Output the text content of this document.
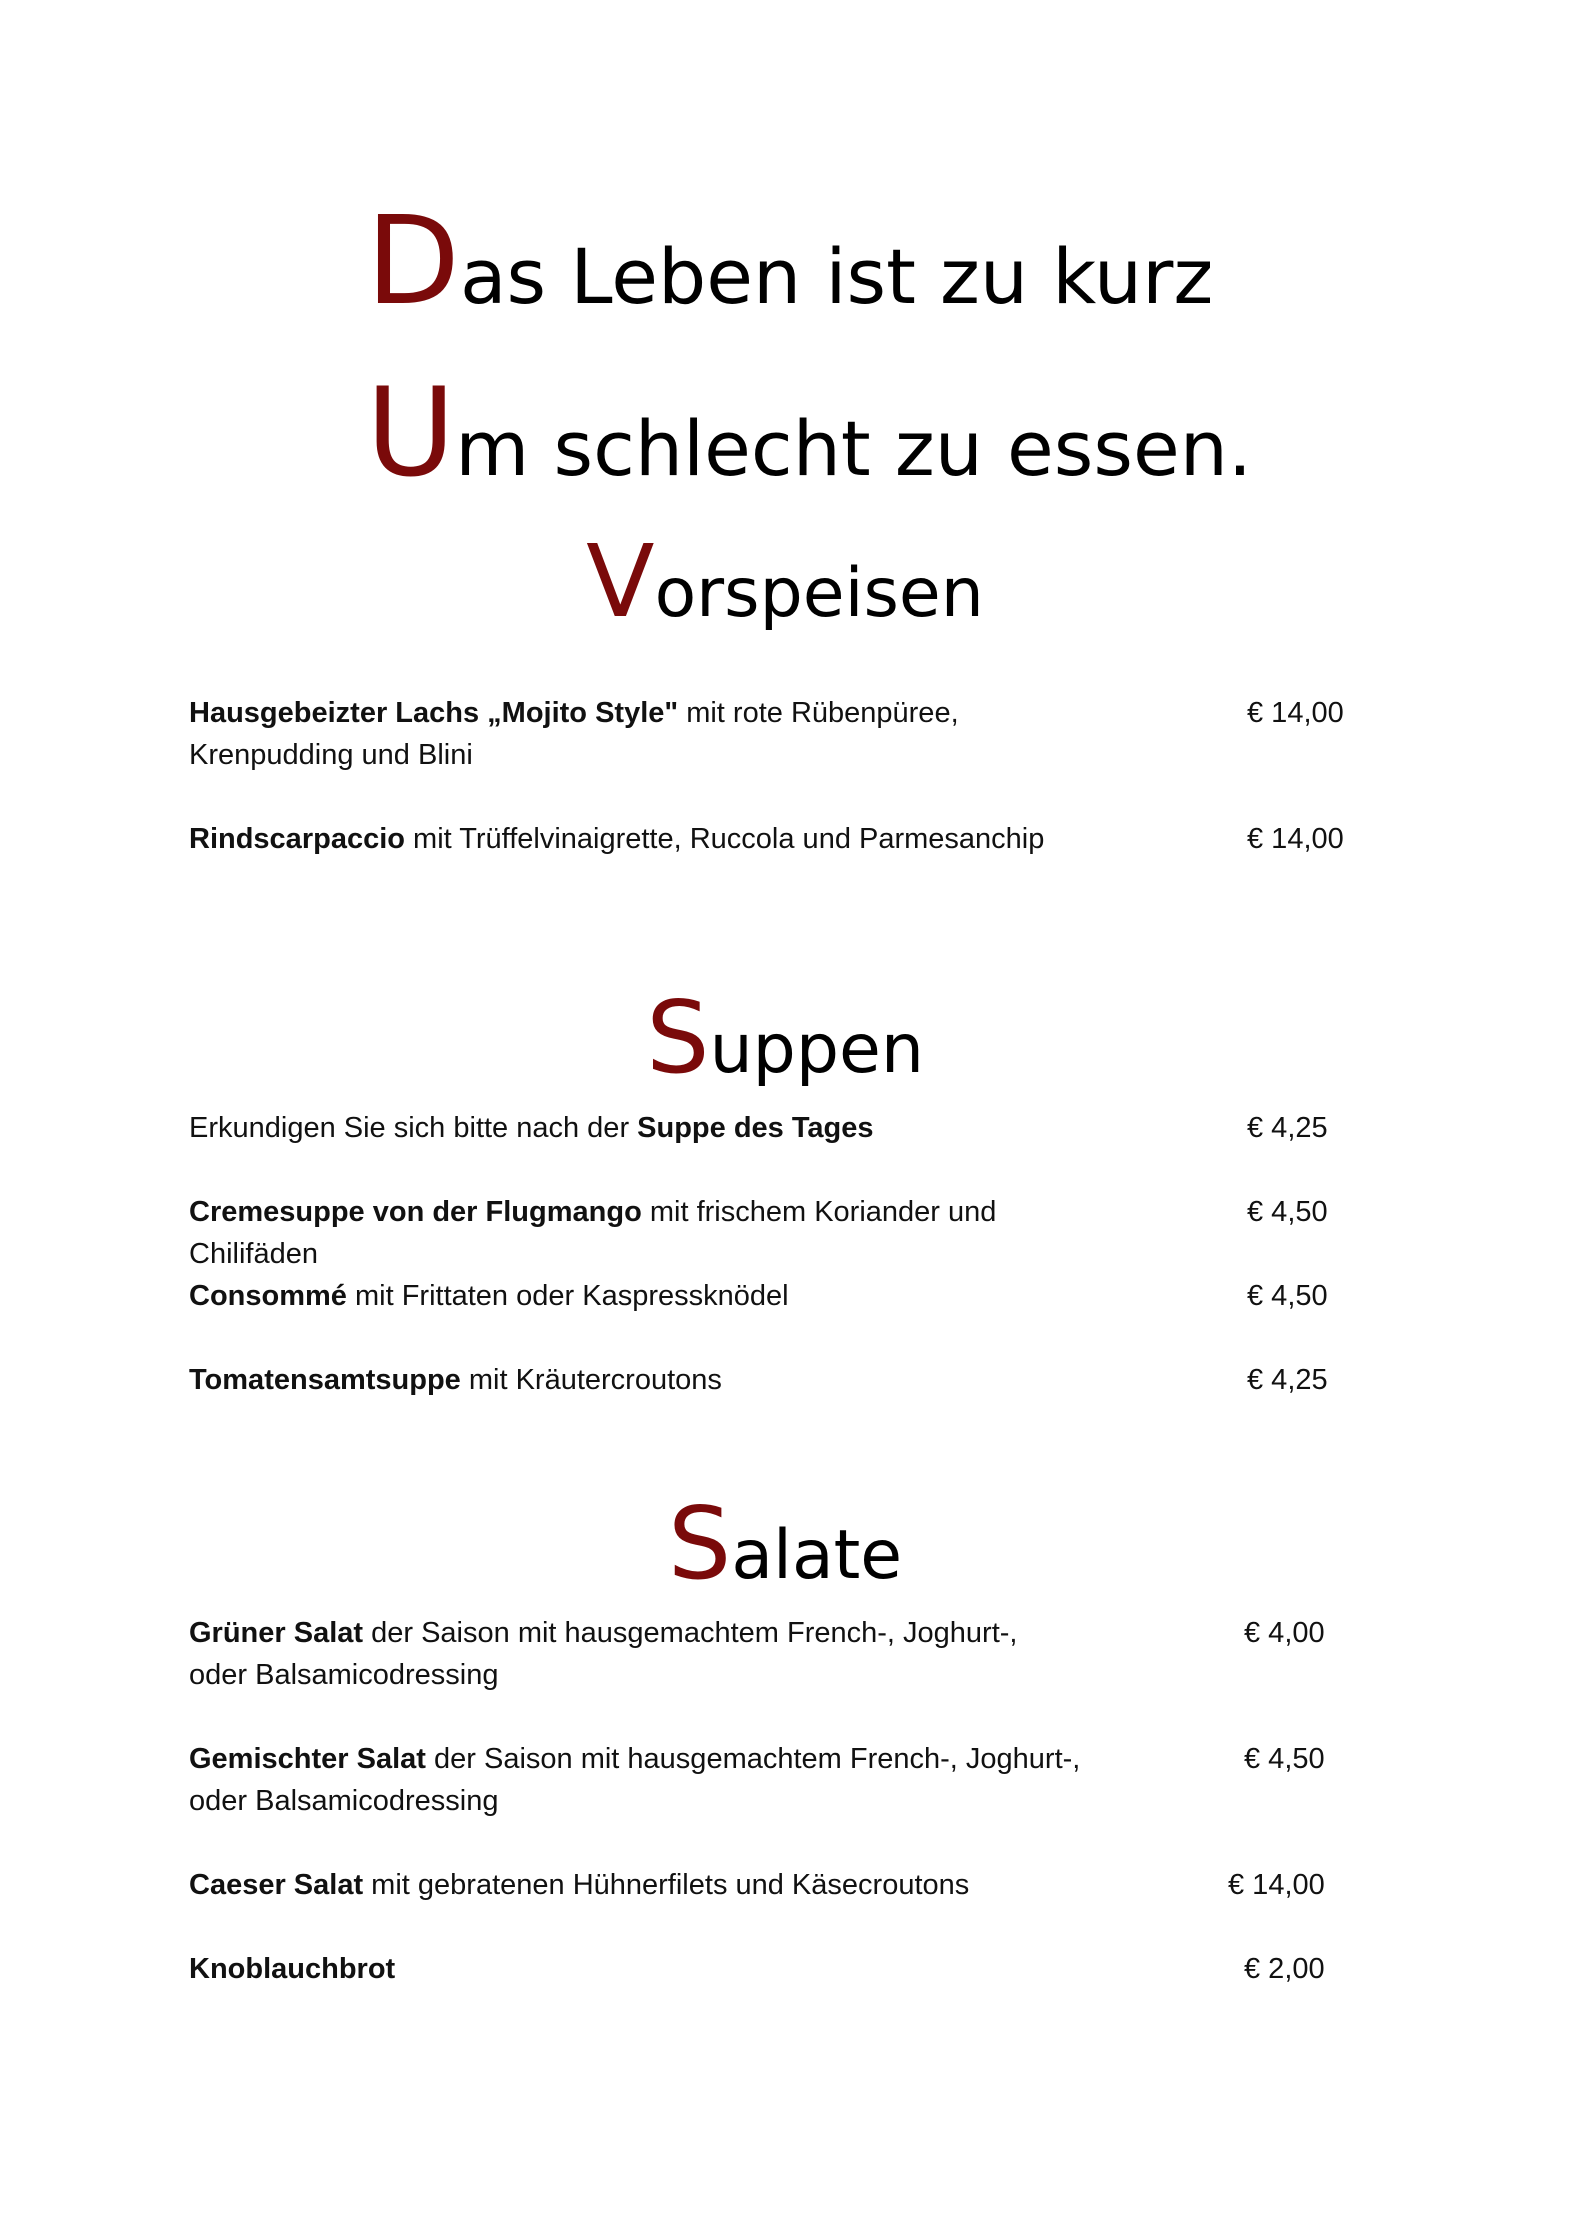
Das Leben ist zu kurz
Um schlecht zu essen.
Vorspeisen
Hausgebeizter Lachs „Mojito Style" mit rote Rübenpüree,
Krenpudding und Blini
€ 14,00
Rindscarpaccio mit Trüffelvinaigrette, Ruccola und Parmesanchip	€ 14,00
Suppen
Erkundigen Sie sich bitte nach der Suppe des Tages	€ 4,25
Cremesuppe von der Flugmango mit frischem Koriander und Chilifäden
€ 4,50
Consommé mit Frittaten oder Kaspressknödel	€ 4,50
Tomatensamtsuppe mit Kräutercroutons	€ 4,25
Salate
Grüner Salat der Saison mit hausgemachtem French-, Joghurt-,
oder Balsamicodressing
€ 4,00
Gemischter Salat der Saison mit hausgemachtem French-, Joghurt-,
oder Balsamicodressing
€ 4,50
Caeser Salat mit gebratenen Hühnerfilets und Käsecroutons	€ 14,00
Knoblauchbrot	€ 2,00
